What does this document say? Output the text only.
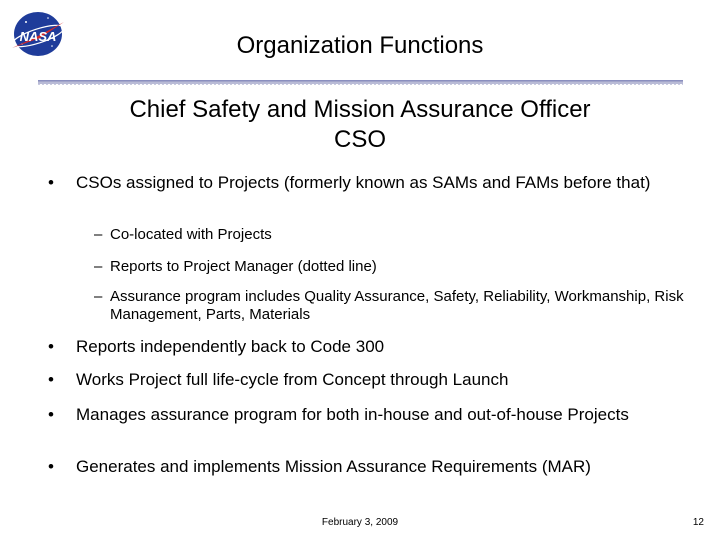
NASA	Organization Functions
Chief Safety and Mission Assurance Officer
CSO
• CSOs assigned to Projects (formerly known as SAMs and FAMs before that)
– Co-located with Projects
– Reports to Project Manager (dotted line)
– Assurance program includes Quality Assurance, Safety, Reliability, Workmanship, Risk Management, Parts, Materials
• Reports independently back to Code 300
• Works Project full life-cycle from Concept through Launch
• Manages assurance program for both in-house and out-of-house Projects
• Generates and implements Mission Assurance Requirements (MAR)
February 3, 2009	12
